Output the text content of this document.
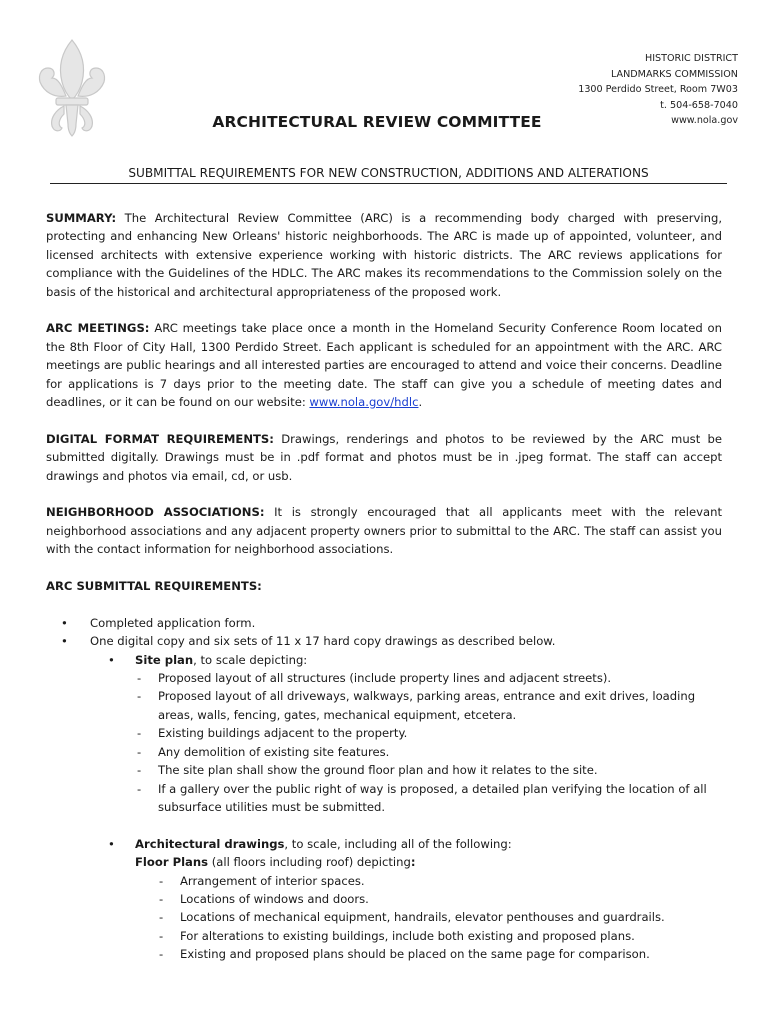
HISTORIC DISTRICT
LANDMARKS COMMISSION
1300 Perdido Street, Room 7W03
t. 504-658-7040
www.nola.gov
ARCHITECTURAL REVIEW COMMITTEE
SUBMITTAL REQUIREMENTS FOR NEW CONSTRUCTION, ADDITIONS AND ALTERATIONS

SUMMARY: The Architectural Review Committee (ARC) is a recommending body charged with preserving, protecting and enhancing New Orleans' historic neighborhoods. The ARC is made up of appointed, volunteer, and licensed architects with extensive experience working with historic districts. The ARC reviews applications for compliance with the Guidelines of the HDLC. The ARC makes its recommendations to the Commission solely on the basis of the historical and architectural appropriateness of the proposed work.

ARC MEETINGS: ARC meetings take place once a month in the Homeland Security Conference Room located on the 8th Floor of City Hall, 1300 Perdido Street. Each applicant is scheduled for an appointment with the ARC. ARC meetings are public hearings and all interested parties are encouraged to attend and voice their concerns. Deadline for applications is 7 days prior to the meeting date. The staff can give you a schedule of meeting dates and deadlines, or it can be found on our website: www.nola.gov/hdlc.

DIGITAL FORMAT REQUIREMENTS: Drawings, renderings and photos to be reviewed by the ARC must be submitted digitally. Drawings must be in .pdf format and photos must be in .jpeg format. The staff can accept drawings and photos via email, cd, or usb.

NEIGHBORHOOD ASSOCIATIONS: It is strongly encouraged that all applicants meet with the relevant neighborhood associations and any adjacent property owners prior to submittal to the ARC. The staff can assist you with the contact information for neighborhood associations.

ARC SUBMITTAL REQUIREMENTS:
• Completed application form.
• One digital copy and six sets of 11 x 17 hard copy drawings as described below.
• Site plan, to scale depicting:
- Proposed layout of all structures (include property lines and adjacent streets).
- Proposed layout of all driveways, walkways, parking areas, entrance and exit drives, loading areas, walls, fencing, gates, mechanical equipment, etcetera.
- Existing buildings adjacent to the property.
- Any demolition of existing site features.
- The site plan shall show the ground floor plan and how it relates to the site.
- If a gallery over the public right of way is proposed, a detailed plan verifying the location of all subsurface utilities must be submitted.
• Architectural drawings, to scale, including all of the following:
Floor Plans (all floors including roof) depicting:
- Arrangement of interior spaces.
- Locations of windows and doors.
- Locations of mechanical equipment, handrails, elevator penthouses and guardrails.
- For alterations to existing buildings, include both existing and proposed plans.
- Existing and proposed plans should be placed on the same page for comparison.
